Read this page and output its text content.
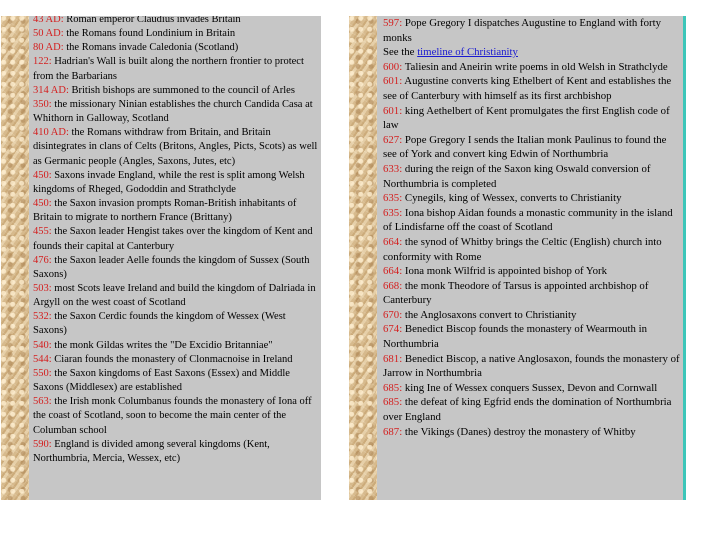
43 AD: Roman emperor Claudius invades Britain
50 AD: the Romans found Londinium in Britain
80 AD: the Romans invade Caledonia (Scotland)
122: Hadrian's Wall is built along the northern frontier to protect from the Barbarians
314 AD: British bishops are summoned to the council of Arles
350: the missionary Ninian establishes the church Candida Casa at Whithorn in Galloway, Scotland
410 AD: the Romans withdraw from Britain, and Britain disintegrates in clans of Celts (Britons, Angles, Picts, Scots) as well as Germanic people (Angles, Saxons, Jutes, etc)
450: Saxons invade England, while the rest is split among Welsh kingdoms of Rheged, Gododdin and Strathclyde
450: the Saxon invasion prompts Roman-British inhabitants of Britain to migrate to northern France (Brittany)
455: the Saxon leader Hengist takes over the kingdom of Kent and founds their capital at Canterbury
476: the Saxon leader Aelle founds the kingdom of Sussex (South Saxons)
503: most Scots leave Ireland and build the kingdom of Dalriada in Argyll on the west coast of Scotland
532: the Saxon Cerdic founds the kingdom of Wessex (West Saxons)
540: the monk Gildas writes the "De Excidio Britanniae"
544: Ciaran founds the monastery of Clonmacnoise in Ireland
550: the Saxon kingdoms of East Saxons (Essex) and Middle Saxons (Middlesex) are established
563: the Irish monk Columbanus founds the monastery of Iona off the coast of Scotland, soon to become the main center of the Columban school
590: England is divided among several kingdoms (Kent, Northumbria, Mercia, Wessex, etc)
597: Pope Gregory I dispatches Augustine to England with forty monks
See the timeline of Christianity
600: Taliesin and Aneirin write poems in old Welsh in Strathclyde
601: Augustine converts king Ethelbert of Kent and establishes the see of Canterbury with himself as its first archbishop
601: king Aethelbert of Kent promulgates the first English code of law
627: Pope Gregory I sends the Italian monk Paulinus to found the see of York and convert king Edwin of Northumbria
633: during the reign of the Saxon king Oswald conversion of Northumbria is completed
635: Cynegils, king of Wessex, converts to Christianity
635: Iona bishop Aidan founds a monastic community in the island of Lindisfarne off the coast of Scotland
664: the synod of Whitby brings the Celtic (English) church into conformity with Rome
664: Iona monk Wilfrid is appointed bishop of York
668: the monk Theodore of Tarsus is appointed archbishop of Canterbury
670: the Anglosaxons convert to Christianity
674: Benedict Biscop founds the monastery of Wearmouth in Northumbria
681: Benedict Biscop, a native Anglosaxon, founds the monastery of Jarrow in Northumbria
685: king Ine of Wessex conquers Sussex, Devon and Cornwall
685: the defeat of king Egfrid ends the domination of Northumbria over England
687: the Vikings (Danes) destroy the monastery of Whitby
